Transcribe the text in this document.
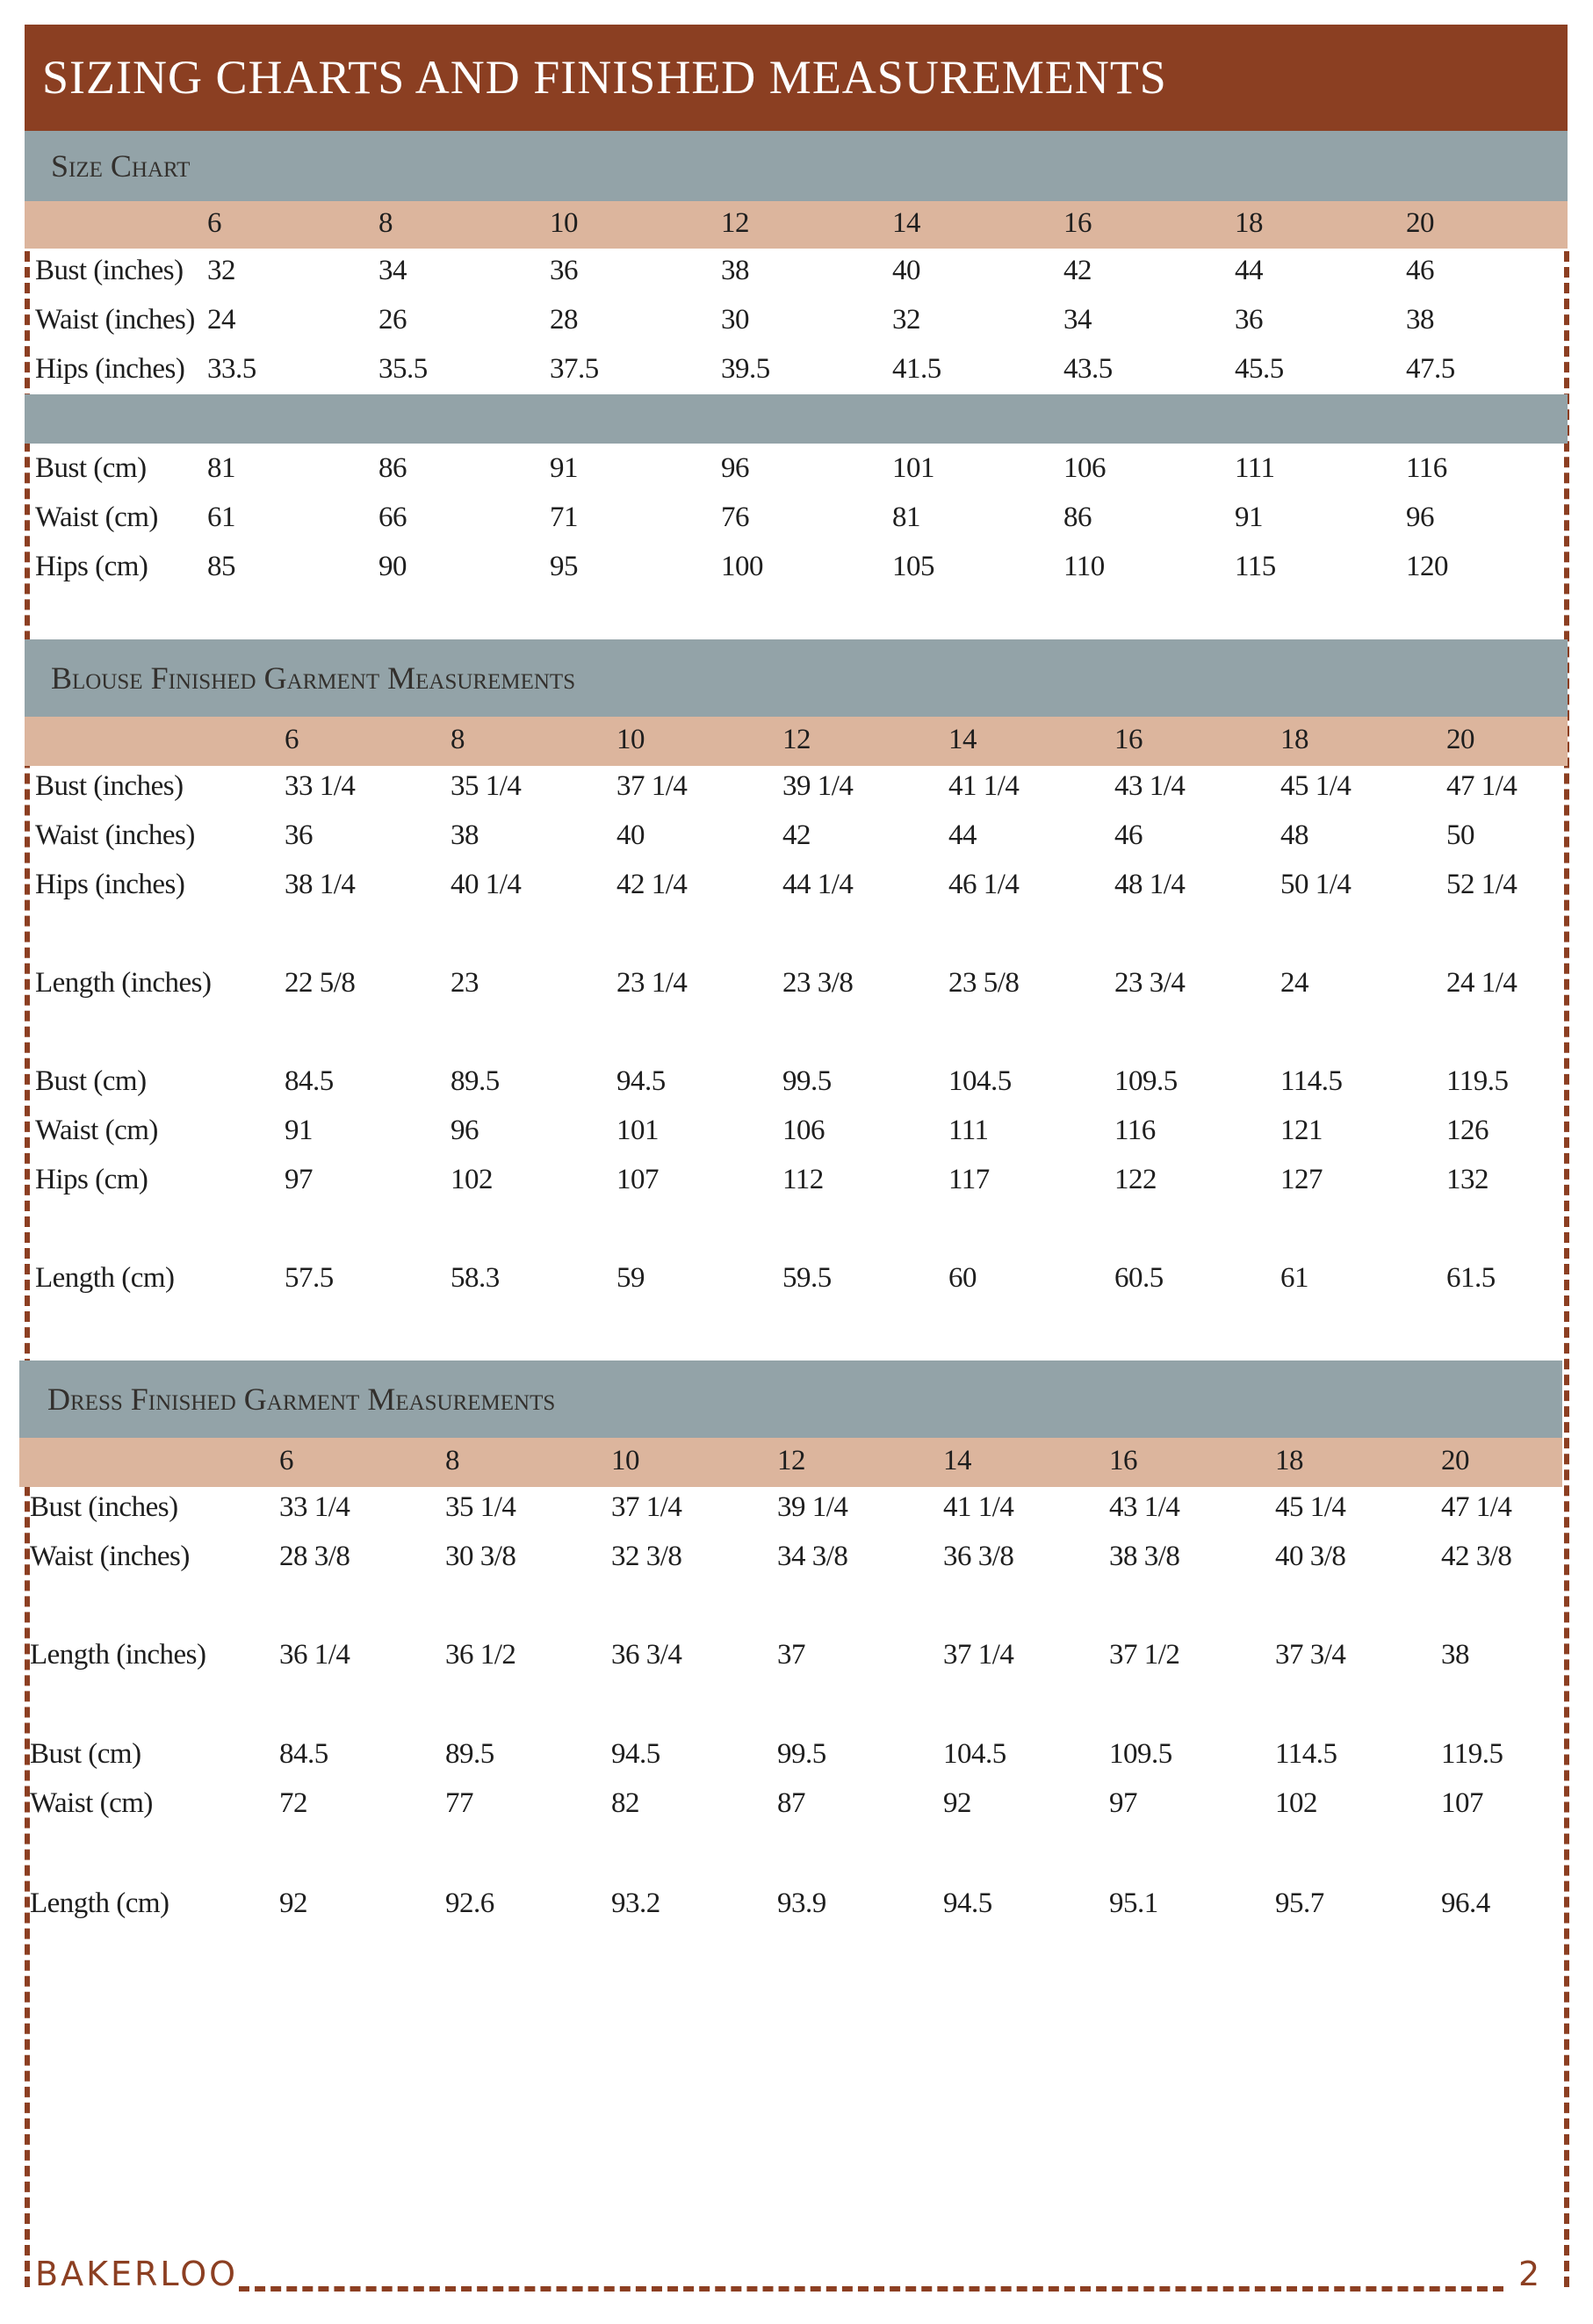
SIZING CHARTS AND FINISHED MEASUREMENTS
Size Chart
6	8	10	12	14	16	18	20
Bust (inches) 32	34	36	38	40	42	44	46
Waist (inches) 24	26	28	30	32	34	36	38
Hips (inches) 33.5	35.5	37.5	39.5	41.5	43.5	45.5	47.5
Bust (cm) 81	86	91	96	101	106	111	116
Waist (cm) 61	66	71	76	81	86	91	96
Hips (cm) 85	90	95	100	105	110	115	120
Blouse Finished Garment Measurements
6	8	10	12	14	16	18	20
Bust (inches)	33 1/4	35 1/4	37 1/4	39 1/4	41 1/4	43 1/4	45 1/4	47 1/4
Waist (inches)	36	38	40	42	44	46	48	50
Hips (inches)	38 1/4	40 1/4	42 1/4	44 1/4	46 1/4	48 1/4	50 1/4	52 1/4
Length (inches)	22 5/8	23	23 1/4	23 3/8	23 5/8	23 3/4	24	24 1/4
Bust (cm)	84.5	89.5	94.5	99.5	104.5	109.5	114.5	119.5
Waist (cm)	91	96	101	106	111	116	121	126
Hips (cm)	97	102	107	112	117	122	127	132
Length (cm)	57.5	58.3	59	59.5	60	60.5	61	61.5
Dress Finished Garment Measurements
6	8	10	12	14	16	18	20
Bust (inches)	33 1/4	35 1/4	37 1/4	39 1/4	41 1/4	43 1/4	45 1/4	47 1/4
Waist (inches)	28 3/8	30 3/8	32 3/8	34 3/8	36 3/8	38 3/8	40 3/8	42 3/8
Length (inches)	36 1/4	36 1/2	36 3/4	37	37 1/4	37 1/2	37 3/4	38
Bust (cm)	84.5	89.5	94.5	99.5	104.5	109.5	114.5	119.5
Waist (cm)	72	77	82	87	92	97	102	107
Length (cm)	92	92.6	93.2	93.9	94.5	95.1	95.7	96.4
BAKERLOO	2
